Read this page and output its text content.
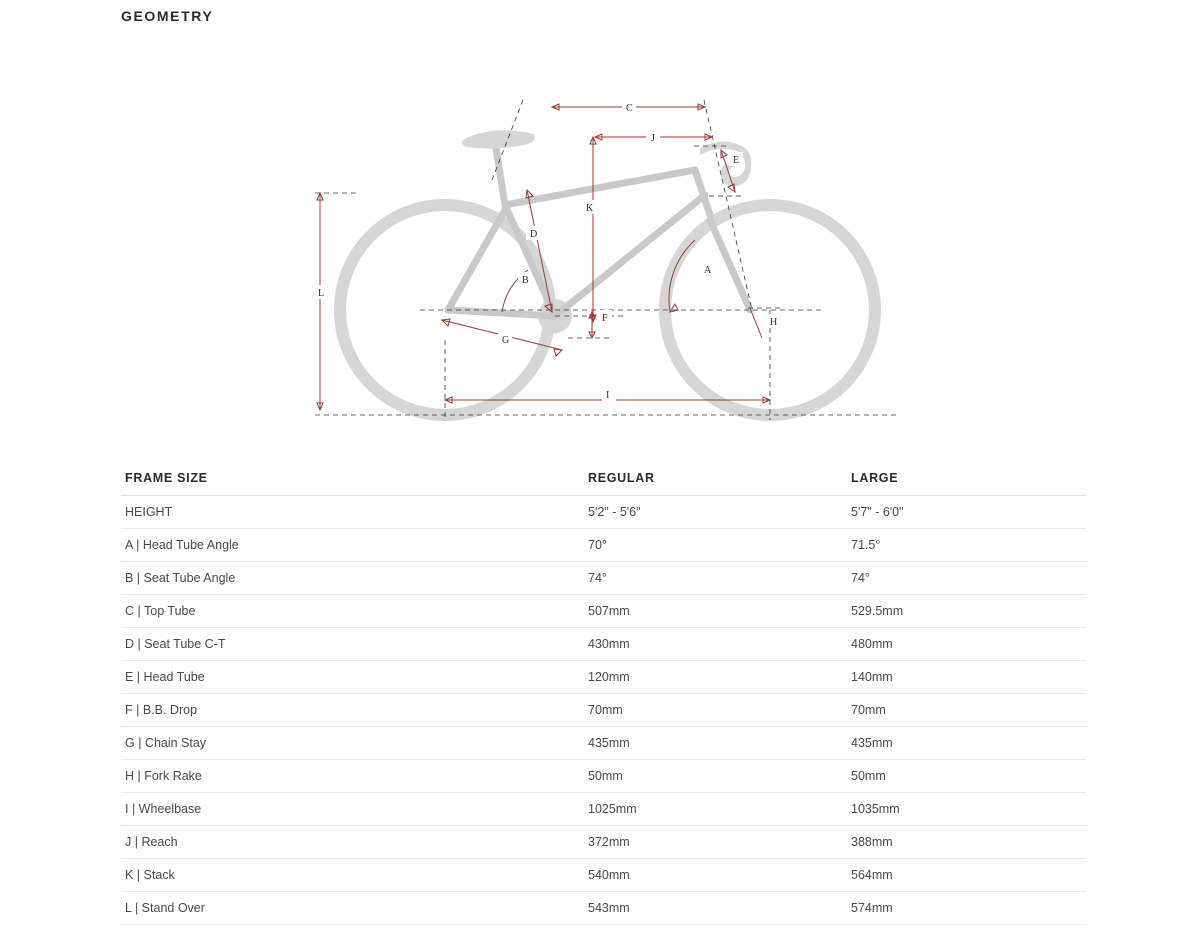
GEOMETRY
C
J
K
E
D
B
A
H
F
G
I
L
FRAME SIZE	REGULAR	LARGE
HEIGHT	5'2" - 5'6"	5'7" - 6'0"
A | Head Tube Angle	70°	71.5°
B | Seat Tube Angle	74°	74°
C | Top Tube	507mm	529.5mm
D | Seat Tube C-T	430mm	480mm
E | Head Tube	120mm	140mm
F | B.B. Drop	70mm	70mm
G | Chain Stay	435mm	435mm
H | Fork Rake	50mm	50mm
I | Wheelbase	1025mm	1035mm
J | Reach	372mm	388mm
K | Stack	540mm	564mm
L | Stand Over	543mm	574mm
